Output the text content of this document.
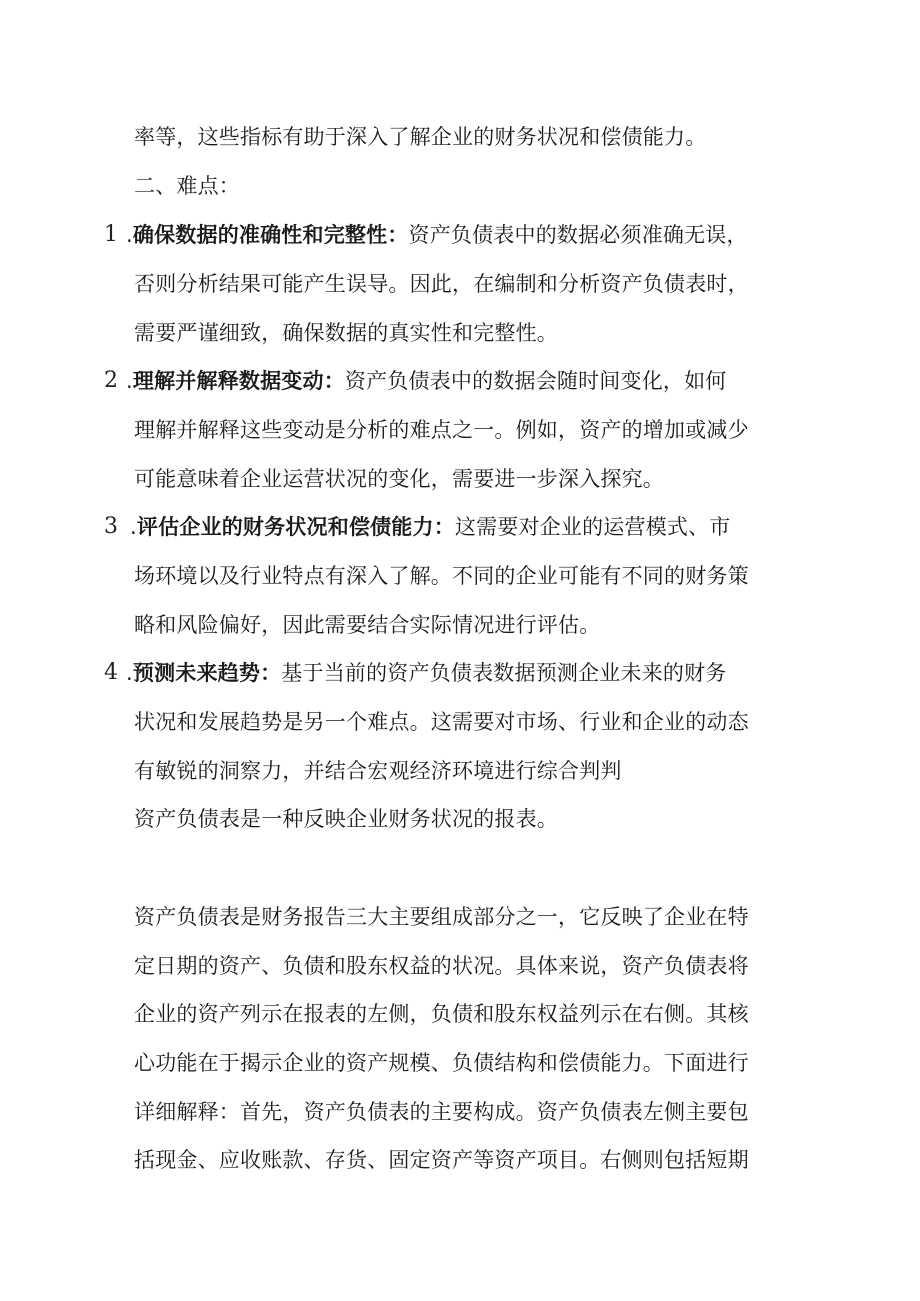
率等，这些指标有助于深入了解企业的财务状况和偿债能力。
二、难点：
1 .确保数据的准确性和完整性：资产负债表中的数据必须准确无误，
否则分析结果可能产生误导。因此，在编制和分析资产负债表时，
需要严谨细致，确保数据的真实性和完整性。
2 .理解并解释数据变动：资产负债表中的数据会随时间变化，如何
理解并解释这些变动是分析的难点之一。例如，资产的增加或减少
可能意味着企业运营状况的变化，需要进一步深入探究。
3 .评估企业的财务状况和偿债能力：这需要对企业的运营模式、市
场环境以及行业特点有深入了解。不同的企业可能有不同的财务策
略和风险偏好，因此需要结合实际情况进行评估。
4 .预测未来趋势：基于当前的资产负债表数据预测企业未来的财务
状况和发展趋势是另一个难点。这需要对市场、行业和企业的动态
有敏锐的洞察力，并结合宏观经济环境进行综合判判
资产负债表是一种反映企业财务状况的报表。
资产负债表是财务报告三大主要组成部分之一，它反映了企业在特
定日期的资产、负债和股东权益的状况。具体来说，资产负债表将
企业的资产列示在报表的左侧，负债和股东权益列示在右侧。其核
心功能在于揭示企业的资产规模、负债结构和偿债能力。下面进行
详细解释：首先，资产负债表的主要构成。资产负债表左侧主要包
括现金、应收账款、存货、固定资产等资产项目。右侧则包括短期
